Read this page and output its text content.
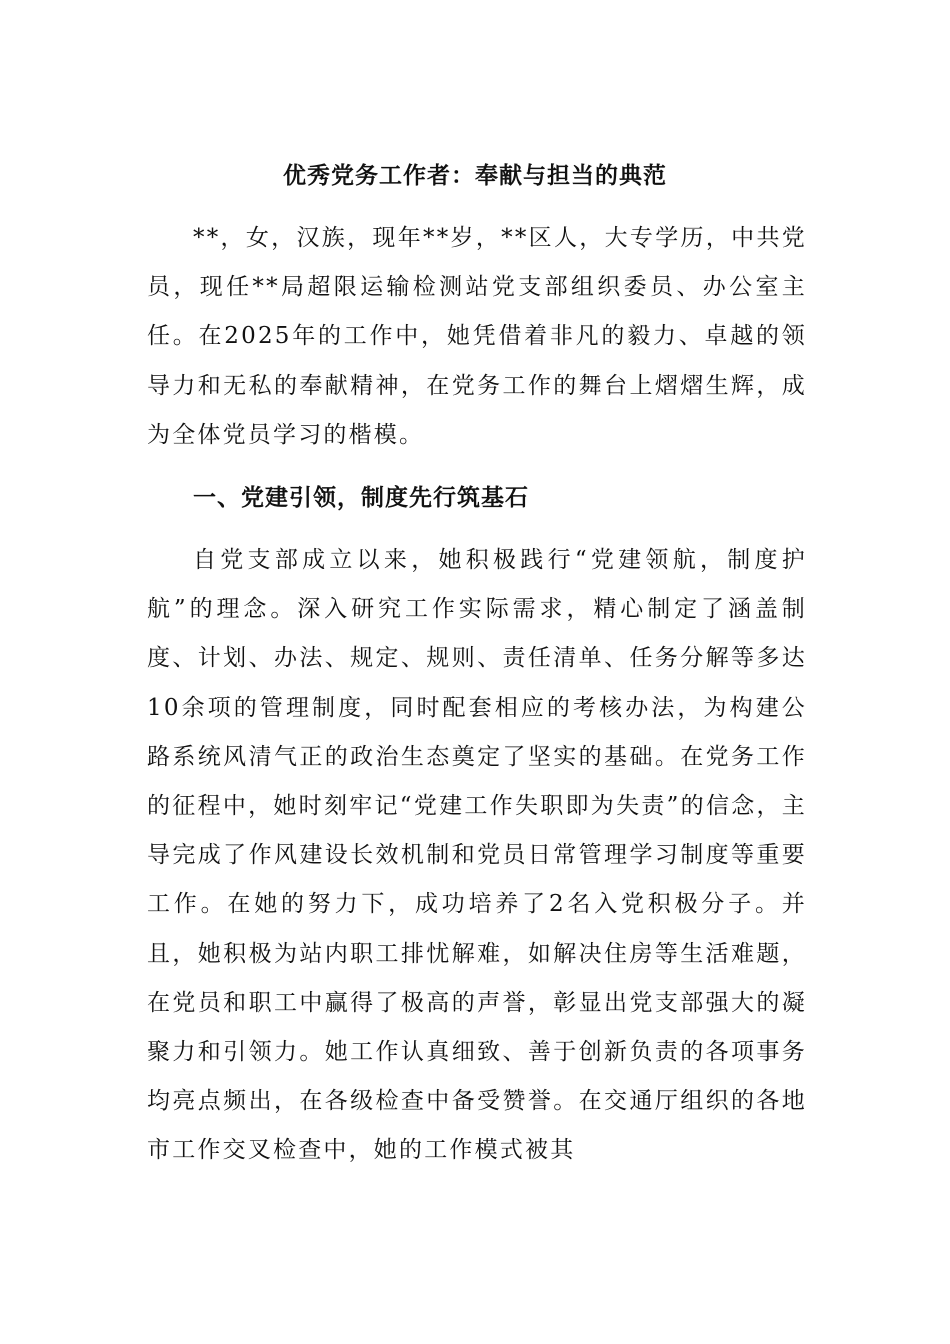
优秀党务工作者：奉献与担当的典范
**，女，汉族，现年**岁，**区人，大专学历，中共党员，现任**局超限运输检测站党支部组织委员、办公室主任。在2025年的工作中，她凭借着非凡的毅力、卓越的领导力和无私的奉献精神，在党务工作的舞台上熠熠生辉，成为全体党员学习的楷模。
一、党建引领，制度先行筑基石
自党支部成立以来，她积极践行“党建领航，制度护航”的理念。深入研究工作实际需求，精心制定了涵盖制度、计划、办法、规定、规则、责任清单、任务分解等多达10余项的管理制度，同时配套相应的考核办法，为构建公路系统风清气正的政治生态奠定了坚实的基础。在党务工作的征程中，她时刻牢记“党建工作失职即为失责”的信念，主导完成了作风建设长效机制和党员日常管理学习制度等重要工作。在她的努力下，成功培养了2名入党积极分子。并且，她积极为站内职工排忧解难，如解决住房等生活难题，在党员和职工中赢得了极高的声誉，彰显出党支部强大的凝聚力和引领力。她工作认真细致、善于创新负责的各项事务均亮点频出，在各级检查中备受赞誉。在交通厅组织的各地市工作交叉检查中，她的工作模式被其
